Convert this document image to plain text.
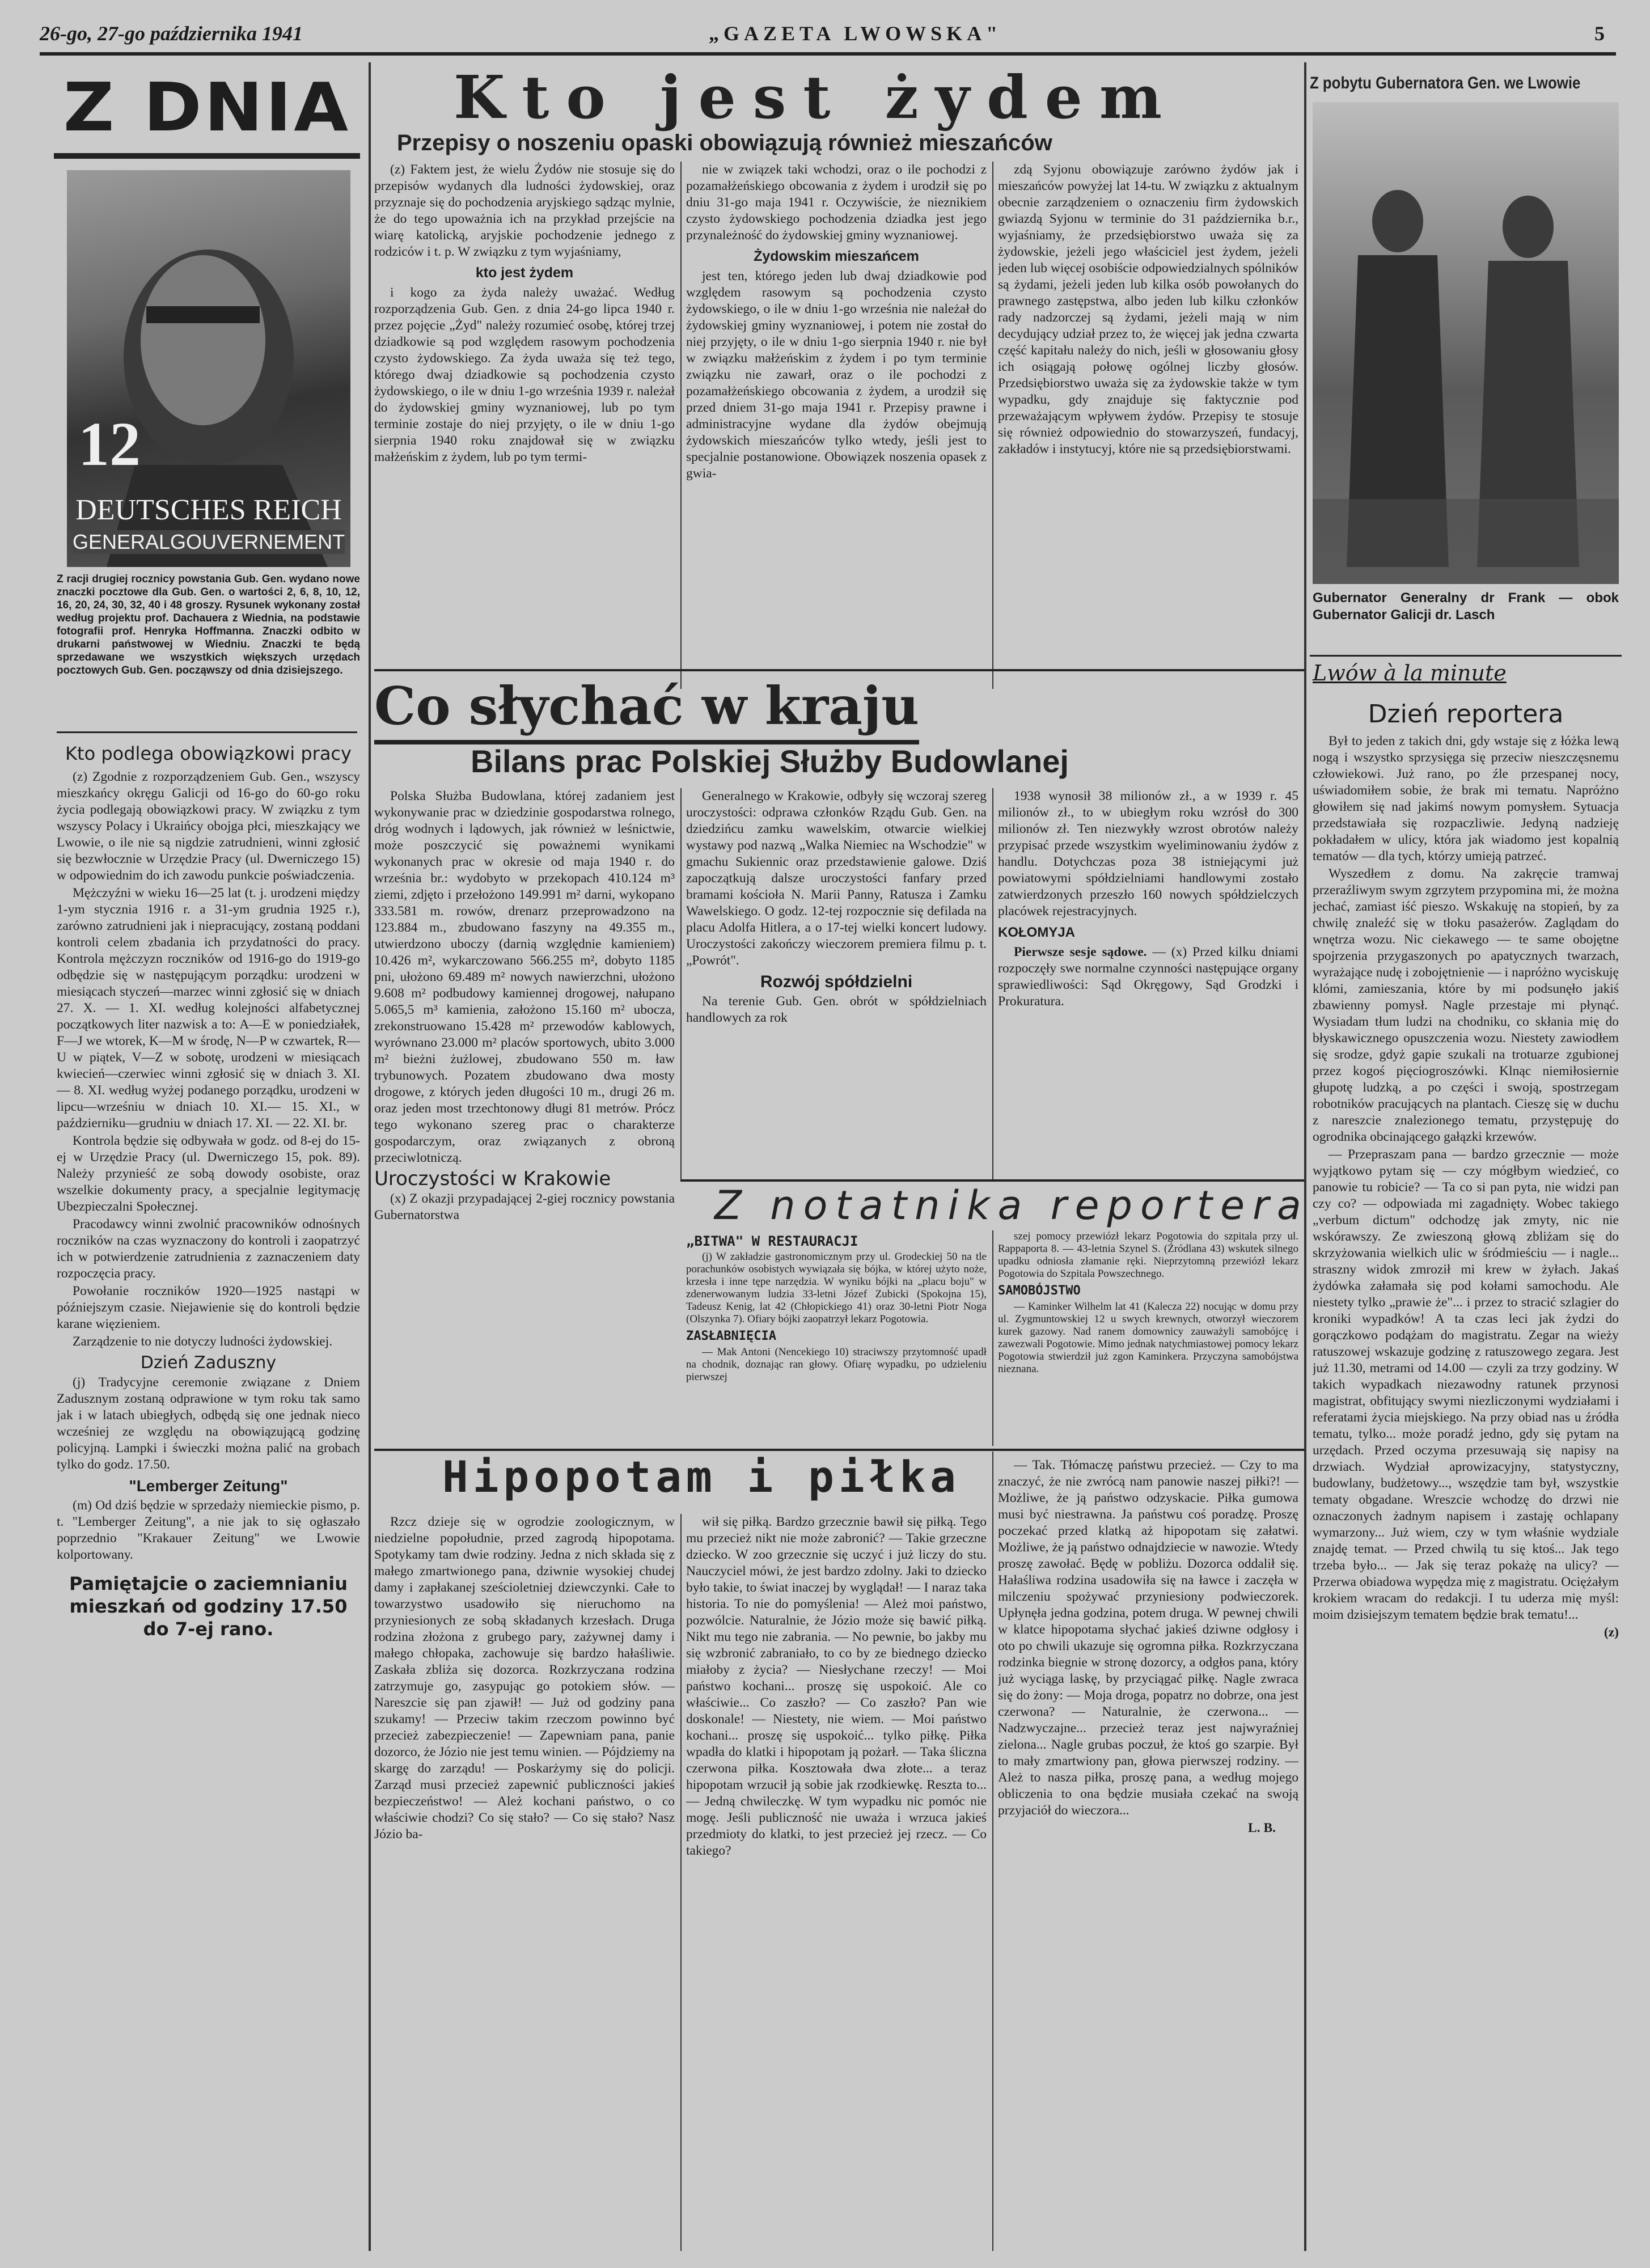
26-go, 27-go października 1941	„GAZETA LWOWSKA"	5
Z DNIA
12
DEUTSCHES REICH
GENERALGOUVERNEMENT
Z racji drugiej rocznicy powstania Gub. Gen. wydano nowe znaczki pocztowe dla Gub. Gen. o wartości 2, 6, 8, 10, 12, 16, 20, 24, 30, 32, 40 i 48 groszy. Rysunek wykonany został według projektu prof. Dachauera z Wiednia, na podstawie fotografii prof. Henryka Hoffmanna. Znaczki odbito w drukarni państwowej w Wiedniu. Znaczki te będą sprzedawane we wszystkich większych urzędach pocztowych Gub. Gen. począwszy od dnia dzisiejszego.
Kto podlega obowiązkowi pracy

(z) Zgodnie z rozporządzeniem Gub. Gen., wszyscy mieszkańcy okręgu Galicji od 16-go do 60-go roku życia podlegają obowiązkowi pracy. W związku z tym wszyscy Polacy i Ukraińcy obojga płci, mieszkający we Lwowie, o ile nie są nigdzie zatrudnieni, winni zgłosić się bezwłocznie w Urzędzie Pracy (ul. Dwerniczego 15) w odpowiednim do ich zawodu punkcie poświadczenia.

Mężczyźni w wieku 16—25 lat (t. j. urodzeni między 1-ym stycznia 1916 r. a 31-ym grudnia 1925 r.), zarówno zatrudnieni jak i niepracujący, zostaną poddani kontroli celem zbadania ich przydatności do pracy. Kontrola mężczyzn roczników od 1916-go do 1919-go odbędzie się w następującym porządku: urodzeni w miesiącach styczeń—marzec winni zgłosić się w dniach 27. X. — 1. XI. według kolejności alfabetycznej początkowych liter nazwisk a to: A—E w poniedziałek, F—J we wtorek, K—M w środę, N—P w czwartek, R—U w piątek, V—Z w sobotę, urodzeni w miesiącach kwiecień—czerwiec winni zgłosić się w dniach 3. XI. — 8. XI. według wyżej podanego porządku, urodzeni w lipcu—wrześniu w dniach 10. XI.— 15. XI., w październiku—grudniu w dniach 17. XI. — 22. XI. br.

Kontrola będzie się odbywała w godz. od 8-ej do 15-ej w Urzędzie Pracy (ul. Dwerniczego 15, pok. 89). Należy przynieść ze sobą dowody osobiste, oraz wszelkie dokumenty pracy, a specjalnie legitymację Ubezpieczalni Społecznej.

Pracodawcy winni zwolnić pracowników odnośnych roczników na czas wyznaczony do kontroli i zaopatrzyć ich w potwierdzenie zatrudnienia z zaznaczeniem daty rozpoczęcia pracy.

Powołanie roczników 1920—1925 nastąpi w późniejszym czasie. Niejawienie się do kontroli będzie karane więzieniem.

Zarządzenie to nie dotyczy ludności żydowskiej.

Dzień Zaduszny

(j) Tradycyjne ceremonie związane z Dniem Zadusznym zostaną odprawione w tym roku tak samo jak i w latach ubiegłych, odbędą się one jednak nieco wcześniej ze względu na obowiązującą godzinę policyjną. Lampki i świeczki można palić na grobach tylko do godz. 17.50.

"Lemberger Zeitung"

(m) Od dziś będzie w sprzedaży niemieckie pismo, p. t. "Lemberger Zeitung", a nie jak to się ogłaszało poprzednio "Krakauer Zeitung" we Lwowie kolportowany.

Pamiętajcie o zaciemnianiu mieszkań od godziny 17.50 do 7-ej rano.
Kto jest żydem
Przepisy o noszeniu opaski obowiązują również mieszańców

(z) Faktem jest, że wielu Żydów nie stosuje się do przepisów wydanych dla ludności żydowskiej, oraz przyznaje się do pochodzenia aryjskiego sądząc mylnie, że do tego upoważnia ich na przykład przejście na wiarę katolicką, aryjskie pochodzenie jednego z rodziców i t. p. W związku z tym wyjaśniamy,

kto jest żydem

i kogo za żyda należy uważać. Według rozporządzenia Gub. Gen. z dnia 24-go lipca 1940 r. przez pojęcie „Żyd" należy rozumieć osobę, której trzej dziadkowie są pod względem rasowym pochodzenia czysto żydowskiego. Za żyda uważa się też tego, którego dwaj dziadkowie są pochodzenia czysto żydowskiego, o ile w dniu 1-go września 1939 r. należał do żydowskiej gminy wyznaniowej, lub po tym terminie zostaje do niej przyjęty, o ile w dniu 1-go sierpnia 1940 roku znajdował się w związku małżeńskim z żydem, lub po tym termi-

nie w związek taki wchodzi, oraz o ile pochodzi z pozamałżeńskiego obcowania z żydem i urodził się po dniu 31-go maja 1941 r. Oczywiście, że nieznikiem czysto żydowskiego pochodzenia dziadka jest jego przynależność do żydowskiej gminy wyznaniowej.

Żydowskim mieszańcem

jest ten, którego jeden lub dwaj dziadkowie pod względem rasowym są pochodzenia czysto żydowskiego, o ile w dniu 1-go września nie należał do żydowskiej gminy wyznaniowej, i potem nie został do niej przyjęty, o ile w dniu 1-go sierpnia 1940 r. nie był w związku małżeńskim z żydem i po tym terminie związku nie zawarł, oraz o ile pochodzi z pozamałżeńskiego obcowania z żydem, a urodził się przed dniem 31-go maja 1941 r. Przepisy prawne i administracyjne wydane dla żydów obejmują żydowskich mieszańców tylko wtedy, jeśli jest to specjalnie postanowione. Obowiązek noszenia opasek z gwia-

zdą Syjonu obowiązuje zarówno żydów jak i mieszańców powyżej lat 14-tu. W związku z aktualnym obecnie zarządzeniem o oznaczeniu firm żydowskich gwiazdą Syjonu w terminie do 31 października b.r., wyjaśniamy, że przedsiębiorstwo uważa się za żydowskie, jeżeli jego właściciel jest żydem, jeżeli jeden lub więcej osobiście odpowiedzialnych spólników są żydami, jeżeli jeden lub kilka osób powołanych do prawnego zastępstwa, albo jeden lub kilku członków rady nadzorczej są żydami, jeżeli mają w nim decydujący udział przez to, że więcej jak jedna czwarta część kapitału należy do nich, jeśli w głosowaniu głosy ich osiągają połowę ogólnej liczby głosów. Przedsiębiorstwo uważa się za żydowskie także w tym wypadku, gdy znajduje się faktycznie pod przeważającym wpływem żydów. Przepisy te stosuje się również odpowiednio do stowarzyszeń, fundacyj, zakładów i instytucyj, które nie są przedsiębiorstwami.

Z pobytu Gubernatora Gen. we Lwowie
Gubernator Generalny dr Frank — obok Gubernator Galicji dr. Lasch
Lwów à la minute
Dzień reportera

Był to jeden z takich dni, gdy wstaje się z łóżka lewą nogą i wszystko sprzysięga się przeciw nieszczęsnemu człowiekowi. Już rano, po źle przespanej nocy, uświadomiłem sobie, że brak mi tematu. Napróżno głowiłem się nad jakimś nowym pomysłem. Sytuacja przedstawiała się rozpaczliwie. Jedyną nadzieję pokładałem w ulicy, która jak wiadomo jest kopalnią tematów — dla tych, którzy umieją patrzeć.

Wyszedłem z domu. Na zakręcie tramwaj przeraźliwym swym zgrzytem przypomina mi, że można jechać, zamiast iść pieszo. Wskakuję na stopień, by za chwilę znaleźć się w tłoku pasażerów. Zaglądam do wnętrza wozu. Nic ciekawego — te same obojętne spojrzenia przygaszonych po apatycznych twarzach, wyrażające nudę i zobojętnienie — i napróżno wyciskuję klómi, zamieszania, które by mi podsunęło jakiś zbawienny pomysł. Nagle przestaje mi płynąć. Wysiadam tłum ludzi na chodniku, co skłania mię do błyskawicznego opuszczenia wozu. Niestety zawiodłem się srodze, gdyż gapie szukali na trotuarze zgubionej przez kogoś pięciogroszówki. Klnąc niemiłosiernie głupotę ludzką, a po części i swoją, spostrzegam robotników pracujących na plantach. Cieszę się w duchu z nareszcie znalezionego tematu, przystępuję do ogrodnika obcinającego gałązki krzewów.

— Przepraszam pana — bardzo grzecznie — może wyjątkowo pytam się — czy mógłbym wiedzieć, co panowie tu robicie? — Ta co si pan pyta, nie widzi pan czy co? — odpowiada mi zagadnięty. Wobec takiego „verbum dictum" odchodzę jak zmyty, nic nie wskórawszy. Ze zwieszoną głową zbliżam się do skrzyżowania wielkich ulic w śródmieściu — i nagle... straszny widok zmroził mi krew w żyłach. Jakaś żydówka załamała się pod kołami samochodu. Ale niestety tylko „prawie że"... i przez to stracić szlagier do kroniki wypadków! A ta czas leci jak żydzi do gorączkowo podążam do magistratu. Zegar na wieży ratuszowej wskazuje godzinę z ratuszowego zegara. Jest już 11.30, metrami od 14.00 — czyli za trzy godziny. W takich wypadkach niezawodny ratunek przynosi magistrat, obfitujący swymi niezliczonymi wydziałami i referatami życia miejskiego. Na przy obiad nas u źródła tematu, tylko... może poradź jedno, gdy się pytam na urzędach. Przed oczyma przesuwają się napisy na drzwiach. Wydział aprowizacyjny, statystyczny, budowlany, budżetowy..., wszędzie tam był, wszystkie tematy obgadane. Wreszcie wchodzę do drzwi nie oznaczonych żadnym napisem i zastaję ochlapany wymarzony... Już wiem, czy w tym właśnie wydziale znajdę temat. — Przed chwilą tu się ktoś... Jak tego trzeba było... — Jak się teraz pokażę na ulicy? — Przerwa obiadowa wypędza mię z magistratu. Ociężałym krokiem wracam do redakcji. I tu uderza mię myśl: moim dzisiejszym tematem będzie brak tematu!...

(z)
Co słychać w kraju
Bilans prac Polskiej Służby Budowlanej

Polska Służba Budowlana, której zadaniem jest wykonywanie prac w dziedzinie gospodarstwa rolnego, dróg wodnych i lądowych, jak również w leśnictwie, może poszczycić się poważnemi wynikami wykonanych prac w okresie od maja 1940 r. do września br.: wydobyto w przekopach 410.124 m³ ziemi, zdjęto i przełożono 149.991 m² darni, wykopano 333.581 m. rowów, drenarz przeprowadzono na 123.884 m., zbudowano faszyny na 49.355 m., utwierdzono uboczy (darnią względnie kamieniem) 10.426 m², wykarczowano 566.255 m², dobyto 1185 pni, ułożono 69.489 m² nowych nawierzchni, ułożono 9.608 m² podbudowy kamiennej drogowej, nałupano 5.065,5 m³ kamienia, założono 15.160 m² ubocza, zrekonstruowano 15.428 m² przewodów kablowych, wyrównano 23.000 m² placów sportowych, ubito 3.000 m² bieżni żużlowej, zbudowano 550 m. ław trybunowych. Pozatem zbudowano dwa mosty drogowe, z których jeden długości 10 m., drugi 26 m. oraz jeden most trzechtonowy długi 81 metrów. Prócz tego wykonano szereg prac o charakterze gospodarczym, oraz związanych z obroną przeciwlotniczą.

Uroczystości w Krakowie

(x) Z okazji przypadającej 2-giej rocznicy powstania Gubernatorstwa

Generalnego w Krakowie, odbyły się wczoraj szereg uroczystości: odprawa członków Rządu Gub. Gen. na dziedzińcu zamku wawelskim, otwarcie wielkiej wystawy pod nazwą „Walka Niemiec na Wschodzie" w gmachu Sukiennic oraz przedstawienie galowe. Dziś zapoczątkują dalsze uroczystości fanfary przed bramami kościoła N. Marii Panny, Ratusza i Zamku Wawelskiego. O godz. 12-tej rozpocznie się defilada na placu Adolfa Hitlera, a o 17-tej wielki koncert ludowy. Uroczystości zakończy wieczorem premiera filmu p. t. „Powrót".

Rozwój spółdzielni

Na terenie Gub. Gen. obrót w spółdzielniach handlowych za rok

1938 wynosił 38 milionów zł., a w 1939 r. 45 milionów zł., to w ubiegłym roku wzrósł do 300 milionów zł. Ten niezwykły wzrost obrotów należy przypisać przede wszystkim wyeliminowaniu żydów z handlu. Dotychczas poza 38 istniejącymi już powiatowymi spółdzielniami handlowymi zostało zatwierdzonych przeszło 160 nowych spółdzielczych placówek rejestracyjnych.

KOŁOMYJA

Pierwsze sesje sądowe. — (x) Przed kilku dniami rozpoczęły swe normalne czynności następujące organy sprawiedliwości: Sąd Okręgowy, Sąd Grodzki i Prokuratura.

Z notatnika reportera
„BITWA" W RESTAURACJI

(j) W zakładzie gastronomicznym przy ul. Grodeckiej 50 na tle porachunków osobistych wywiązała się bójka, w której użyto noże, krzesła i inne tępe narzędzia. W wyniku bójki na „placu boju" w zdenerwowanym ludzia 33-letni Józef Zubicki (Spokojna 15), Tadeusz Kenig, lat 42 (Chłopickiego 41) oraz 30-letni Piotr Noga (Olszynka 7). Ofiary bójki zaopatrzył lekarz Pogotowia.

ZASŁABNIĘCIA

— Mak Antoni (Nencekiego 10) straciwszy przytomność upadł na chodnik, doznając ran głowy. Ofiarę wypadku, po udzieleniu pierwszej

szej pomocy przewiózł lekarz Pogotowia do szpitala przy ul. Rappaporta 8. — 43-letnia Szynel S. (Źródlana 43) wskutek silnego upadku odniosła złamanie ręki. Nieprzytomną przewiózł lekarz Pogotowia do Szpitala Powszechnego.

SAMOBÓJSTWO

— Kaminker Wilhelm lat 41 (Kalecza 22) nocując w domu przy ul. Zygmuntowskiej 12 u swych krewnych, otworzył wieczorem kurek gazowy. Nad ranem domownicy zauważyli samobójcę i zawezwali Pogotowie. Mimo jednak natychmiastowej pomocy lekarz Pogotowia stwierdził już zgon Kaminkera. Przyczyna samobójstwa nieznana.

Hipopotam i piłka

Rzcz dzieje się w ogrodzie zoologicznym, w niedzielne popołudnie, przed zagrodą hipopotama. Spotykamy tam dwie rodziny. Jedna z nich składa się z małego zmartwionego pana, dziwnie wysokiej chudej damy i zapłakanej sześcioletniej dziewczynki. Całe to towarzystwo usadowiło się nieruchomo na przyniesionych ze sobą składanych krzesłach. Druga rodzina złożona z grubego pary, zażywnej damy i małego chłopaka, zachowuje się bardzo hałaśliwie. Zaskała zbliża się dozorca. Rozkrzyczana rodzina zatrzymuje go, zasypując go potokiem słów. — Nareszcie się pan zjawił! — Już od godziny pana szukamy! — Przeciw takim rzeczom powinno być przecież zabezpieczenie! — Zapewniam pana, panie dozorco, że Józio nie jest temu winien. — Pójdziemy na skargę do zarządu! — Poskarżymy się do policji. Zarząd musi przecież zapewnić publiczności jakieś bezpieczeństwo! — Ależ kochani państwo, o co właściwie chodzi? Co się stało? — Co się stało? Nasz Józio ba-

wił się piłką. Bardzo grzecznie bawił się piłką. Tego mu przecież nikt nie może zabronić? — Takie grzeczne dziecko. W zoo grzecznie się uczyć i już liczy do stu. Nauczyciel mówi, że jest bardzo zdolny. Jaki to dziecko było takie, to świat inaczej by wyglądał! — I naraz taka historia. To nie do pomyślenia! — Ależ moi państwo, pozwólcie. Naturalnie, że Józio może się bawić piłką. Nikt mu tego nie zabrania. — No pewnie, bo jakby mu się wzbronić zabraniało, to co by ze biednego dziecko miałoby z życia? — Niesłychane rzeczy! — Moi państwo kochani... proszę się uspokoić. Ale co właściwie... Co zaszło? — Co zaszło? Pan wie doskonale! — Niestety, nie wiem. — Moi państwo kochani... proszę się uspokoić... tylko piłkę. Piłka wpadła do klatki i hipopotam ją pożarł. — Taka śliczna czerwona piłka. Kosztowała dwa złote... a teraz hipopotam wrzucił ją sobie jak rzodkiewkę. Reszta to... — Jedną chwileczkę. W tym wypadku nic pomóc nie mogę. Jeśli publiczność nie uważa i wrzuca jakieś przedmioty do klatki, to jest przecież jej rzecz. — Co takiego?

— Tak. Tłómaczę państwu przecież. — Czy to ma znaczyć, że nie zwrócą nam panowie naszej piłki?! — Możliwe, że ją państwo odzyskacie. Piłka gumowa musi być niestrawna. Ja państwu coś poradzę. Proszę poczekać przed klatką aż hipopotam się załatwi. Możliwe, że ją państwo odnajdziecie w nawozie. Wtedy proszę zawołać. Będę w pobliżu. Dozorca oddalił się. Hałaśliwa rodzina usadowiła się na ławce i zaczęła w milczeniu spożywać przyniesiony podwieczorek. Upłynęła jedna godzina, potem druga. W pewnej chwili w klatce hipopotama słychać jakieś dziwne odgłosy i oto po chwili ukazuje się ogromna piłka. Rozkrzyczana rodzinka biegnie w stronę dozorcy, a odgłos pana, który już wyciąga laskę, by przyciągać piłkę. Nagle zwraca się do żony: — Moja droga, popatrz no dobrze, ona jest czerwona? — Naturalnie, że czerwona... — Nadzwyczajne... przecież teraz jest najwyraźniej zielona... Nagle grubas poczuł, że ktoś go szarpie. Był to mały zmartwiony pan, głowa pierwszej rodziny. — Ależ to nasza piłka, proszę pana, a według mojego obliczenia to ona będzie musiała czekać na swoją przyjaciół do wieczora...

L. B.
